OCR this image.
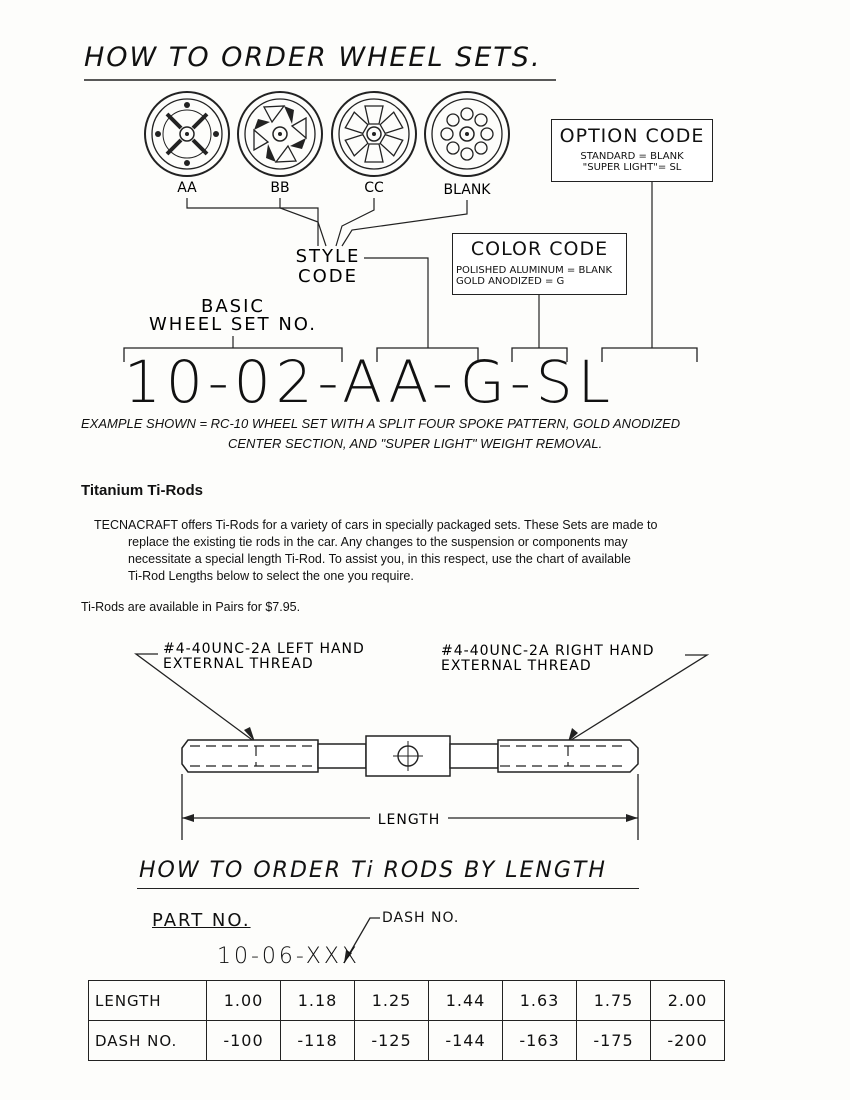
HOW TO ORDER WHEEL SETS.
AA	BB	CC	BLANK
STYLE
CODE
BASIC
WHEEL SET NO.
OPTION CODE
STANDARD = BLANK
"SUPER LIGHT"= SL
COLOR CODE
POLISHED ALUMINUM = BLANK
GOLD ANODIZED = G
10-02-AA-G-SL
EXAMPLE SHOWN = RC-10 WHEEL SET WITH A SPLIT FOUR SPOKE PATTERN, GOLD ANODIZED
CENTER SECTION, AND "SUPER LIGHT" WEIGHT REMOVAL.
Titanium Ti-Rods
TECNACRAFT offers Ti-Rods for a variety of cars in specially packaged sets. These Sets are made to
replace the existing tie rods in the car. Any changes to the suspension or components may
necessitate a special length Ti-Rod. To assist you, in this respect, use the chart of available
Ti-Rod Lengths below to select the one you require.
Ti-Rods are available in Pairs for $7.95.
#4-40UNC-2A LEFT HAND
EXTERNAL THREAD
#4-40UNC-2A RIGHT HAND
EXTERNAL THREAD
LENGTH
HOW TO ORDER Ti RODS BY LENGTH
PART NO.	DASH NO.
10-06-XXX
LENGTH	1.00	1.18	1.25	1.44	1.63	1.75	2.00
DASH NO.	-100	-118	-125	-144	-163	-175	-200
